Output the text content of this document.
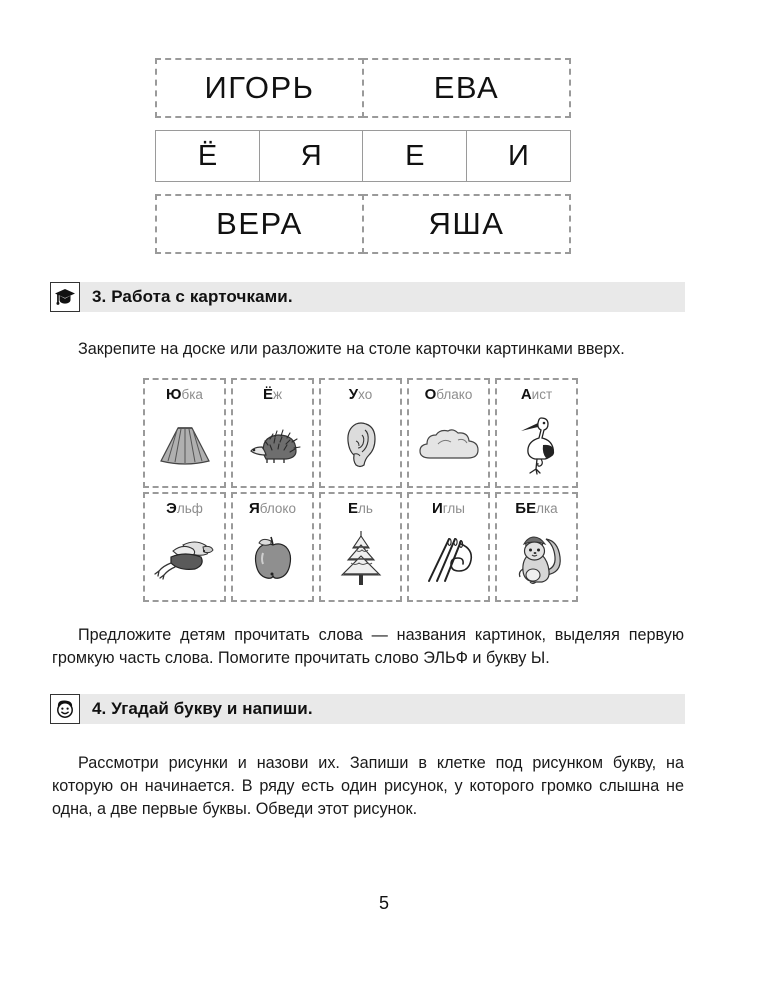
ИГОРЬ	ЕВА
Ё	Я	Е	И
ВЕРА	ЯША
3. Работа с карточками.

Закрепите на доске или разложите на столе карточки картинками вверх.

Юбка	Ёж	Ухо	Облако	Аист
Эльф	Яблоко	Ель	Иглы	БЕлка

Предложите детям прочитать слова — названия картинок, выделяя первую громкую часть слова. Помогите прочитать слово ЭЛЬФ и букву Ы.

4. Угадай букву и напиши.

Рассмотри рисунки и назови их. Запиши в клетке под рисунком букву, на которую он начинается. В ряду есть один рисунок, у которого громко слышна не одна, а две первые буквы. Обведи этот рисунок.

5
